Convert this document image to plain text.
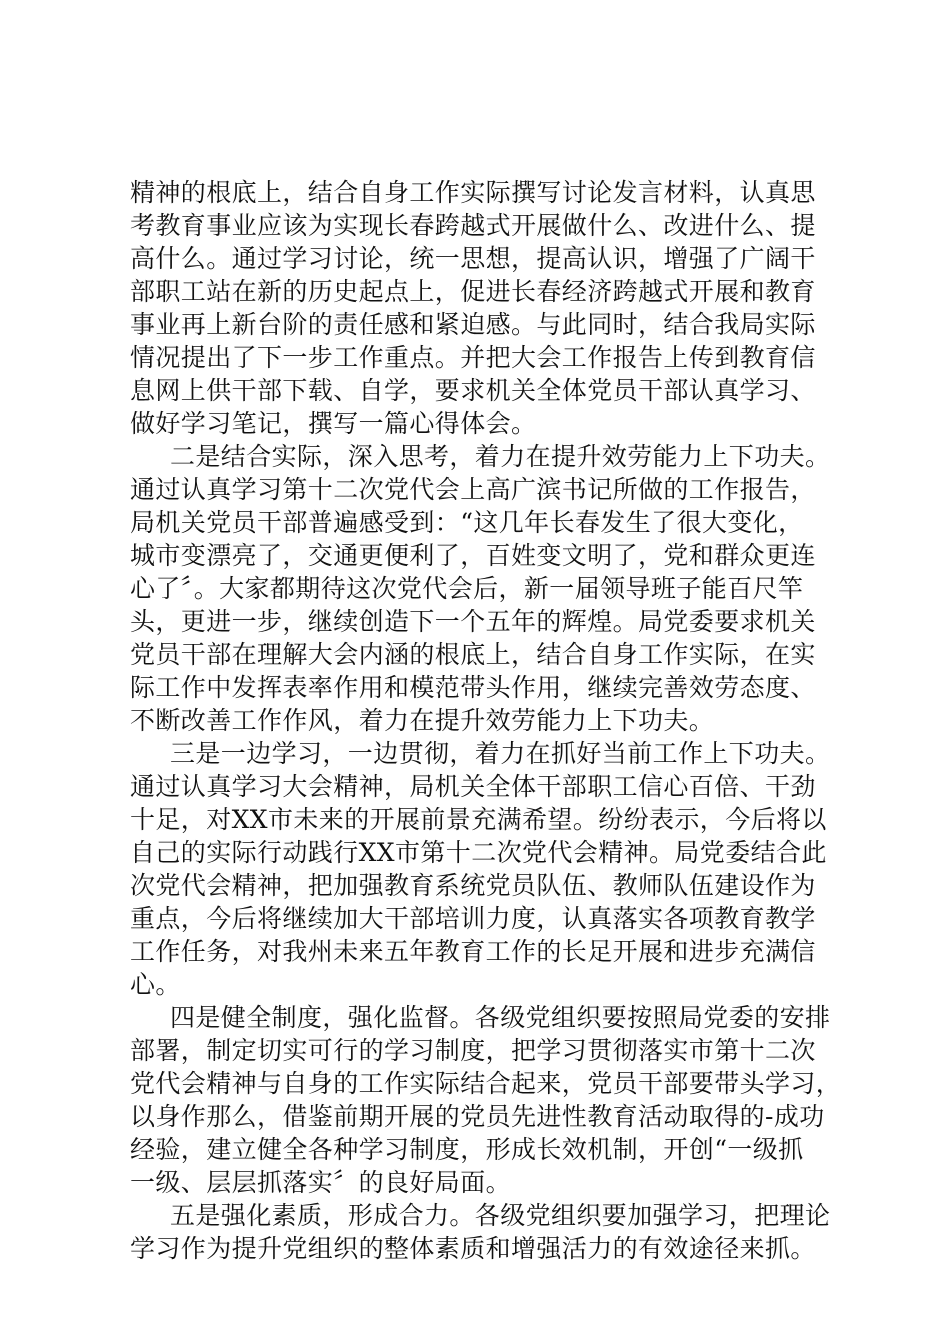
精神的根底上，结合自身工作实际撰写讨论发言材料，认真思
考教育事业应该为实现长春跨越式开展做什么、改进什么、提
高什么。通过学习讨论，统一思想，提高认识，增强了广阔干
部职工站在新的历史起点上，促进长春经济跨越式开展和教育
事业再上新台阶的责任感和紧迫感。与此同时，结合我局实际
情况提出了下一步工作重点。并把大会工作报告上传到教育信
息网上供干部下载、自学，要求机关全体党员干部认真学习、
做好学习笔记，撰写一篇心得体会。
二是结合实际，深入思考，着力在提升效劳能力上下功夫。
通过认真学习第十二次党代会上高广滨书记所做的工作报告，
局机关党员干部普遍感受到：“这几年长春发生了很大变化，
城市变漂亮了，交通更便利了，百姓变文明了，党和群众更连
心了〞。大家都期待这次党代会后，新一届领导班子能百尺竿
头，更进一步，继续创造下一个五年的辉煌。局党委要求机关
党员干部在理解大会内涵的根底上，结合自身工作实际，在实
际工作中发挥表率作用和模范带头作用，继续完善效劳态度、
不断改善工作作风，着力在提升效劳能力上下功夫。
三是一边学习，一边贯彻，着力在抓好当前工作上下功夫。
通过认真学习大会精神，局机关全体干部职工信心百倍、干劲
十足，对XX市未来的开展前景充满希望。纷纷表示，今后将以
自己的实际行动践行XX市第十二次党代会精神。局党委结合此
次党代会精神，把加强教育系统党员队伍、教师队伍建设作为
重点，今后将继续加大干部培训力度，认真落实各项教育教学
工作任务，对我州未来五年教育工作的长足开展和进步充满信
心。
四是健全制度，强化监督。各级党组织要按照局党委的安排
部署，制定切实可行的学习制度，把学习贯彻落实市第十二次
党代会精神与自身的工作实际结合起来，党员干部要带头学习，
以身作那么，借鉴前期开展的党员先进性教育活动取得的-成功
经验，建立健全各种学习制度，形成长效机制，开创“一级抓
一级、层层抓落实〞的良好局面。
五是强化素质，形成合力。各级党组织要加强学习，把理论
学习作为提升党组织的整体素质和增强活力的有效途径来抓。
